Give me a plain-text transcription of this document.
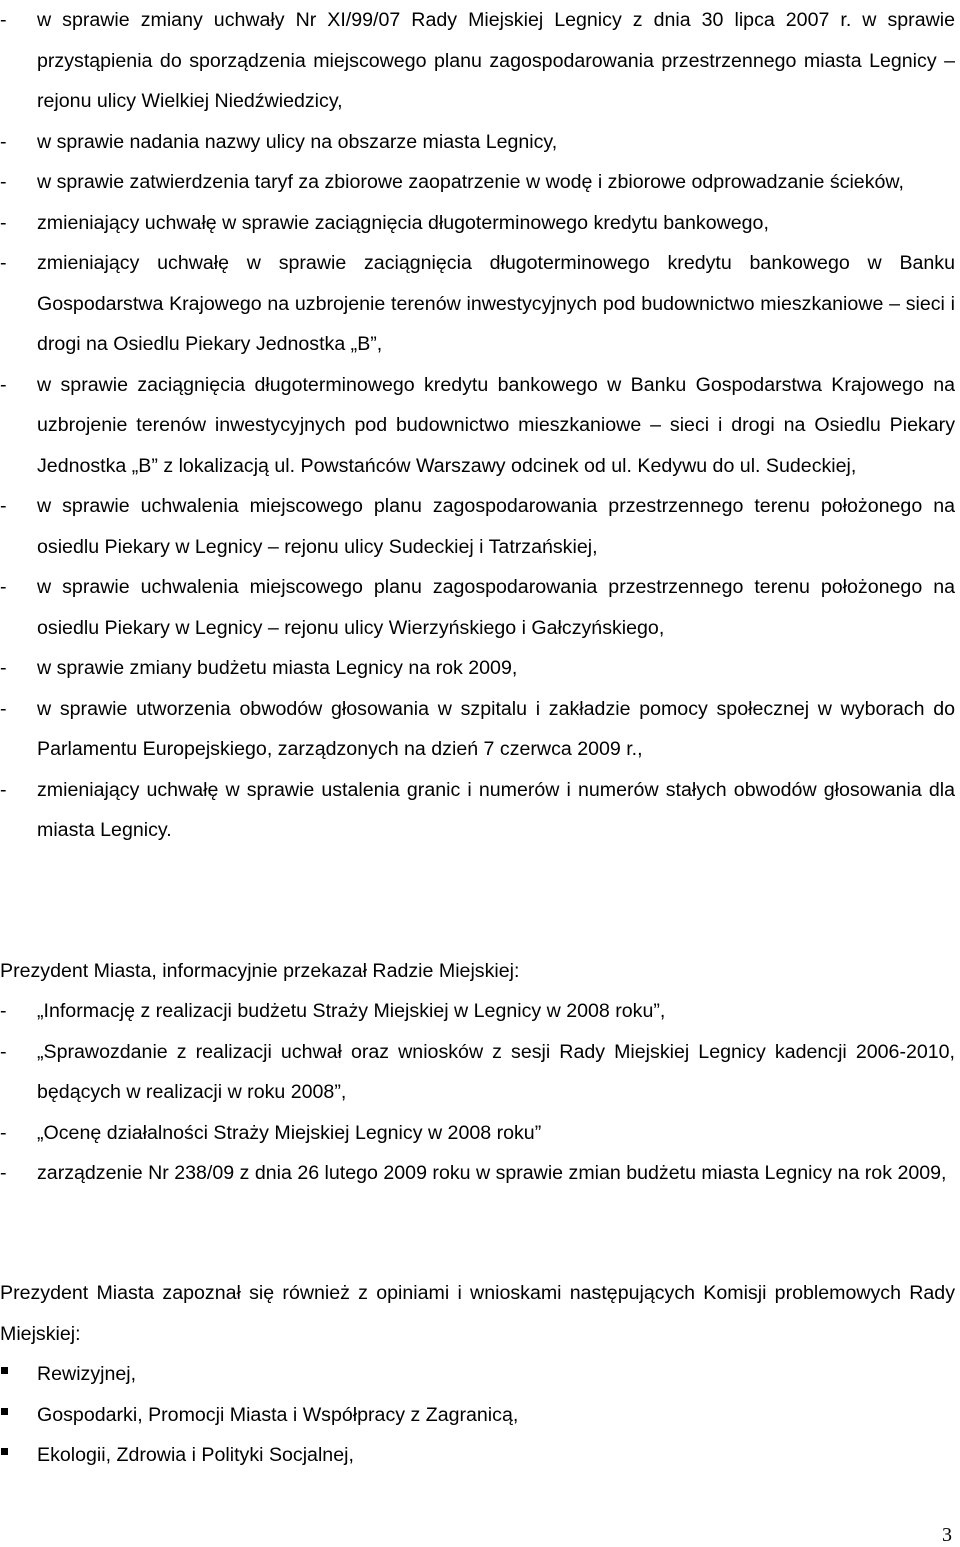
- w sprawie zmiany uchwały Nr XI/99/07 Rady Miejskiej Legnicy z dnia 30 lipca 2007 r. w sprawie przystąpienia do sporządzenia miejscowego planu zagospodarowania przestrzennego miasta Legnicy – rejonu ulicy Wielkiej Niedźwiedzicy,
- w sprawie nadania nazwy ulicy na obszarze miasta Legnicy,
- w sprawie zatwierdzenia taryf za zbiorowe zaopatrzenie w wodę i zbiorowe odprowadzanie ścieków,
- zmieniający uchwałę w sprawie zaciągnięcia długoterminowego kredytu bankowego,
- zmieniający uchwałę w sprawie zaciągnięcia długoterminowego kredytu bankowego w Banku Gospodarstwa Krajowego na uzbrojenie terenów inwestycyjnych pod budownictwo mieszkaniowe – sieci i drogi na Osiedlu Piekary Jednostka „B”,
- w sprawie zaciągnięcia długoterminowego kredytu bankowego w Banku Gospodarstwa Krajowego na uzbrojenie terenów inwestycyjnych pod budownictwo mieszkaniowe – sieci i drogi na Osiedlu Piekary Jednostka „B” z lokalizacją ul. Powstańców Warszawy odcinek od ul. Kedywu do ul. Sudeckiej,
- w sprawie uchwalenia miejscowego planu zagospodarowania przestrzennego terenu położonego na osiedlu Piekary w Legnicy – rejonu ulicy Sudeckiej i Tatrzańskiej,
- w sprawie uchwalenia miejscowego planu zagospodarowania przestrzennego terenu położonego na osiedlu Piekary w Legnicy – rejonu ulicy Wierzyńskiego i Gałczyńskiego,
- w sprawie zmiany budżetu miasta Legnicy na rok 2009,
- w sprawie utworzenia obwodów głosowania w szpitalu i zakładzie pomocy społecznej w wyborach do Parlamentu Europejskiego, zarządzonych na dzień 7 czerwca 2009 r.,
- zmieniający uchwałę w sprawie ustalenia granic i numerów i numerów stałych obwodów głosowania dla miasta Legnicy.
Prezydent Miasta, informacyjnie przekazał Radzie Miejskiej:
- „Informację z realizacji budżetu Straży Miejskiej w Legnicy w 2008 roku”,
- „Sprawozdanie z realizacji uchwał oraz wniosków z sesji Rady Miejskiej Legnicy kadencji 2006-2010, będących w realizacji w roku 2008”,
- „Ocenę działalności Straży Miejskiej Legnicy w 2008 roku”
- zarządzenie Nr 238/09 z dnia 26 lutego 2009 roku w sprawie zmian budżetu miasta Legnicy na rok 2009,
Prezydent Miasta zapoznał się również z opiniami i wnioskami następujących Komisji problemowych Rady Miejskiej:
Rewizyjnej,
Gospodarki, Promocji Miasta i Współpracy z Zagranicą,
Ekologii, Zdrowia i Polityki Socjalnej,
3
